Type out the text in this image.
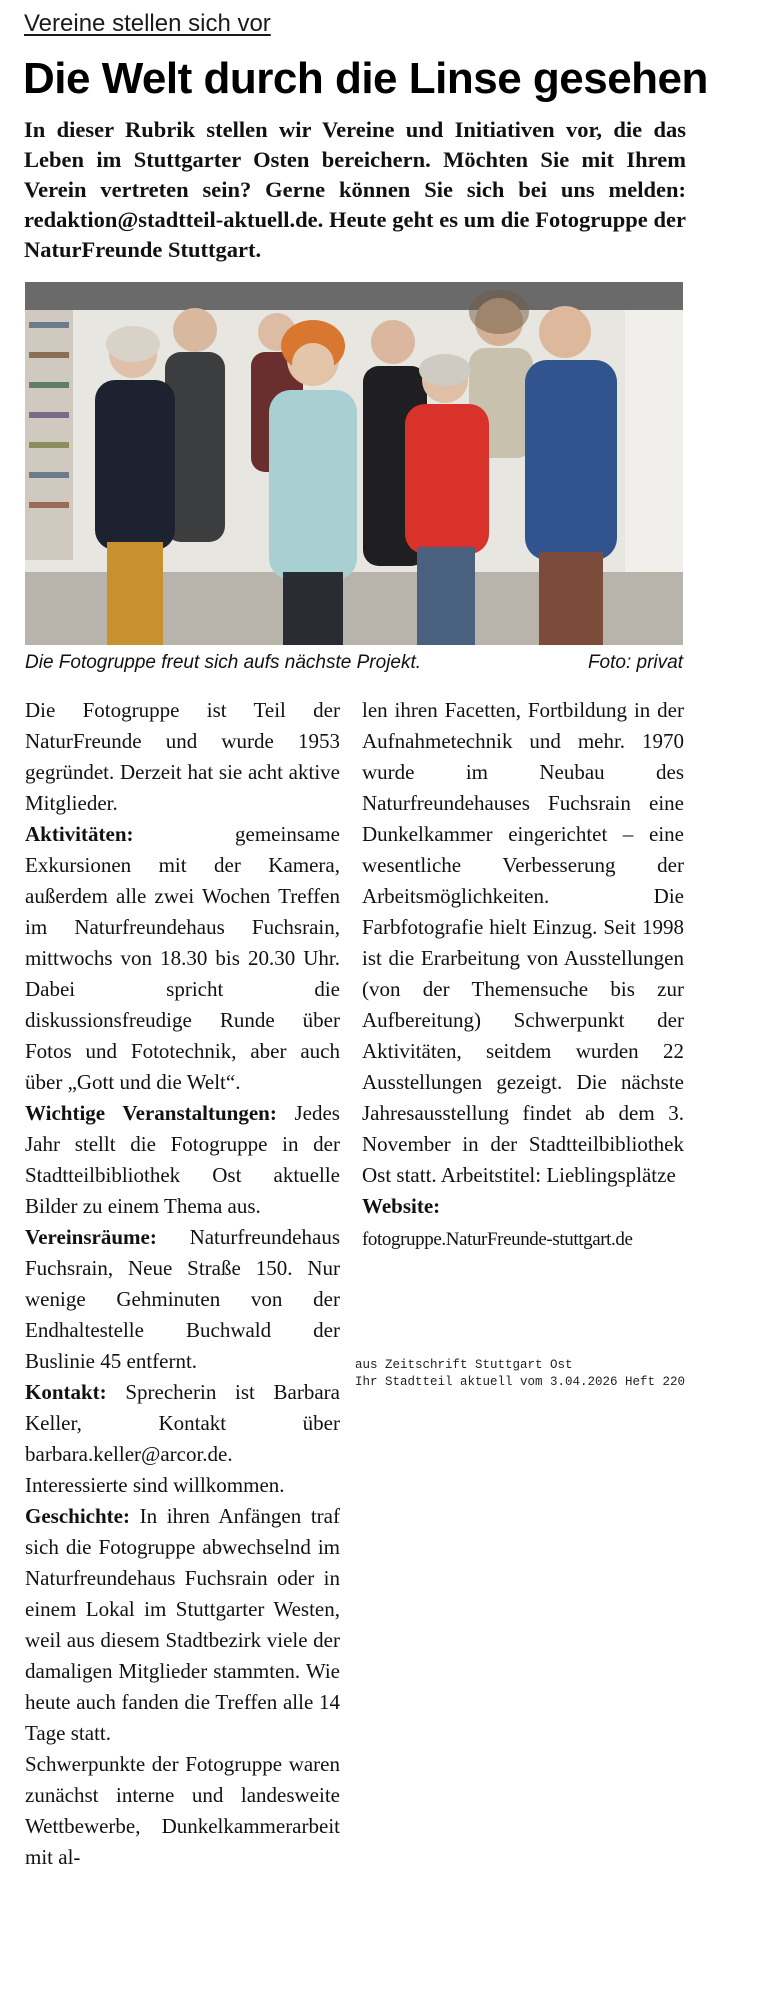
Vereine stellen sich vor
Die Welt durch die Linse gesehen
In dieser Rubrik stellen wir Vereine und Initiativen vor, die das Leben im Stuttgarter Osten bereichern. Möchten Sie mit Ihrem Verein vertreten sein? Gerne können Sie sich bei uns melden: redaktion@stadtteil-aktuell.de. Heute geht es um die Fotogruppe der NaturFreunde Stuttgart.
Die Fotogruppe freut sich aufs nächste Projekt.	Foto: privat

Die Fotogruppe ist Teil der NaturFreunde und wurde 1953 gegründet. Derzeit hat sie acht aktive Mitglieder.

Aktivitäten: gemeinsame Exkursionen mit der Kamera, außerdem alle zwei Wochen Treffen im Naturfreundehaus Fuchsrain, mittwochs von 18.30 bis 20.30 Uhr. Dabei spricht die diskussionsfreudige Runde über Fotos und Fototechnik, aber auch über „Gott und die Welt“.

Wichtige Veranstaltungen: Jedes Jahr stellt die Fotogruppe in der Stadtteilbibliothek Ost aktuelle Bilder zu einem Thema aus.

Vereinsräume: Naturfreundehaus Fuchsrain, Neue Straße 150. Nur wenige Gehminuten von der Endhaltestelle Buchwald der Buslinie 45 entfernt.

Kontakt: Sprecherin ist Barbara Keller, Kontakt über barbara.keller@arcor.de. Interessierte sind willkommen.

Geschichte: In ihren Anfängen traf sich die Fotogruppe abwechselnd im Naturfreundehaus Fuchsrain oder in einem Lokal im Stuttgarter Westen, weil aus diesem Stadtbezirk viele der damaligen Mitglieder stammten. Wie heute auch fanden die Treffen alle 14 Tage statt.

Schwerpunkte der Fotogruppe waren zunächst interne und landesweite Wettbewerbe, Dunkelkammerarbeit mit al-

len ihren Facetten, Fortbildung in der Aufnahmetechnik und mehr. 1970 wurde im Neubau des Naturfreundehauses Fuchsrain eine Dunkelkammer eingerichtet – eine wesentliche Verbesserung der Arbeitsmöglichkeiten. Die Farbfotografie hielt Einzug. Seit 1998 ist die Erarbeitung von Ausstellungen (von der Themensuche bis zur Aufbereitung) Schwerpunkt der Aktivitäten, seitdem wurden 22 Ausstellungen gezeigt. Die nächste Jahresausstellung findet ab dem 3. November in der Stadtteilbibliothek Ost statt. Arbeitstitel: Lieblingsplätze

Website:
fotogruppe.NaturFreunde-stuttgart.de
aus Zeitschrift Stuttgart Ost
Ihr Stadtteil aktuell vom 3.04.2026 Heft 220
